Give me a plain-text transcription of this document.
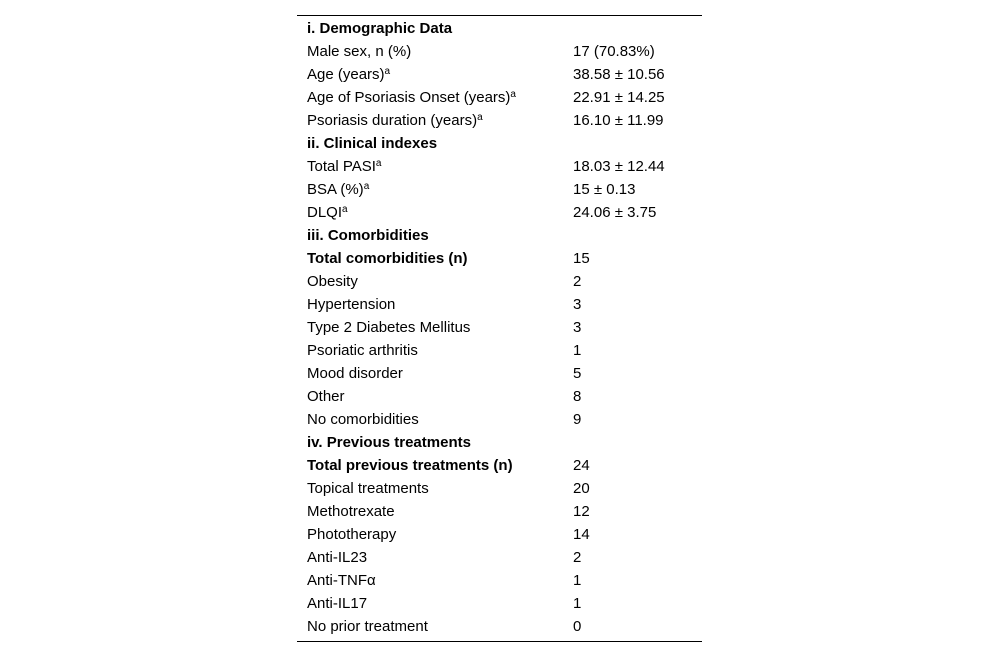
i. Demographic Data
Male sex, n (%)	17 (70.83%)
Age (years)$^a$	38.58 ± 10.56
Age of Psoriasis Onset (years)$^a$	22.91 ± 14.25
Psoriasis duration (years)$^a$	16.10 ± 11.99
ii. Clinical indexes
Total PASI$^a$	18.03 ± 12.44
BSA (%)$^a$	15 ± 0.13
DLQI$^a$	24.06 ± 3.75
iii. Comorbidities
Total comorbidities (n)	15
Obesity	2
Hypertension	3
Type 2 Diabetes Mellitus	3
Psoriatic arthritis	1
Mood disorder	5
Other	8
No comorbidities	9
iv. Previous treatments
Total previous treatments (n)	24
Topical treatments	20
Methotrexate	12
Phototherapy	14
Anti-IL23	2
Anti-TNFα	1
Anti-IL17	1
No prior treatment	0
